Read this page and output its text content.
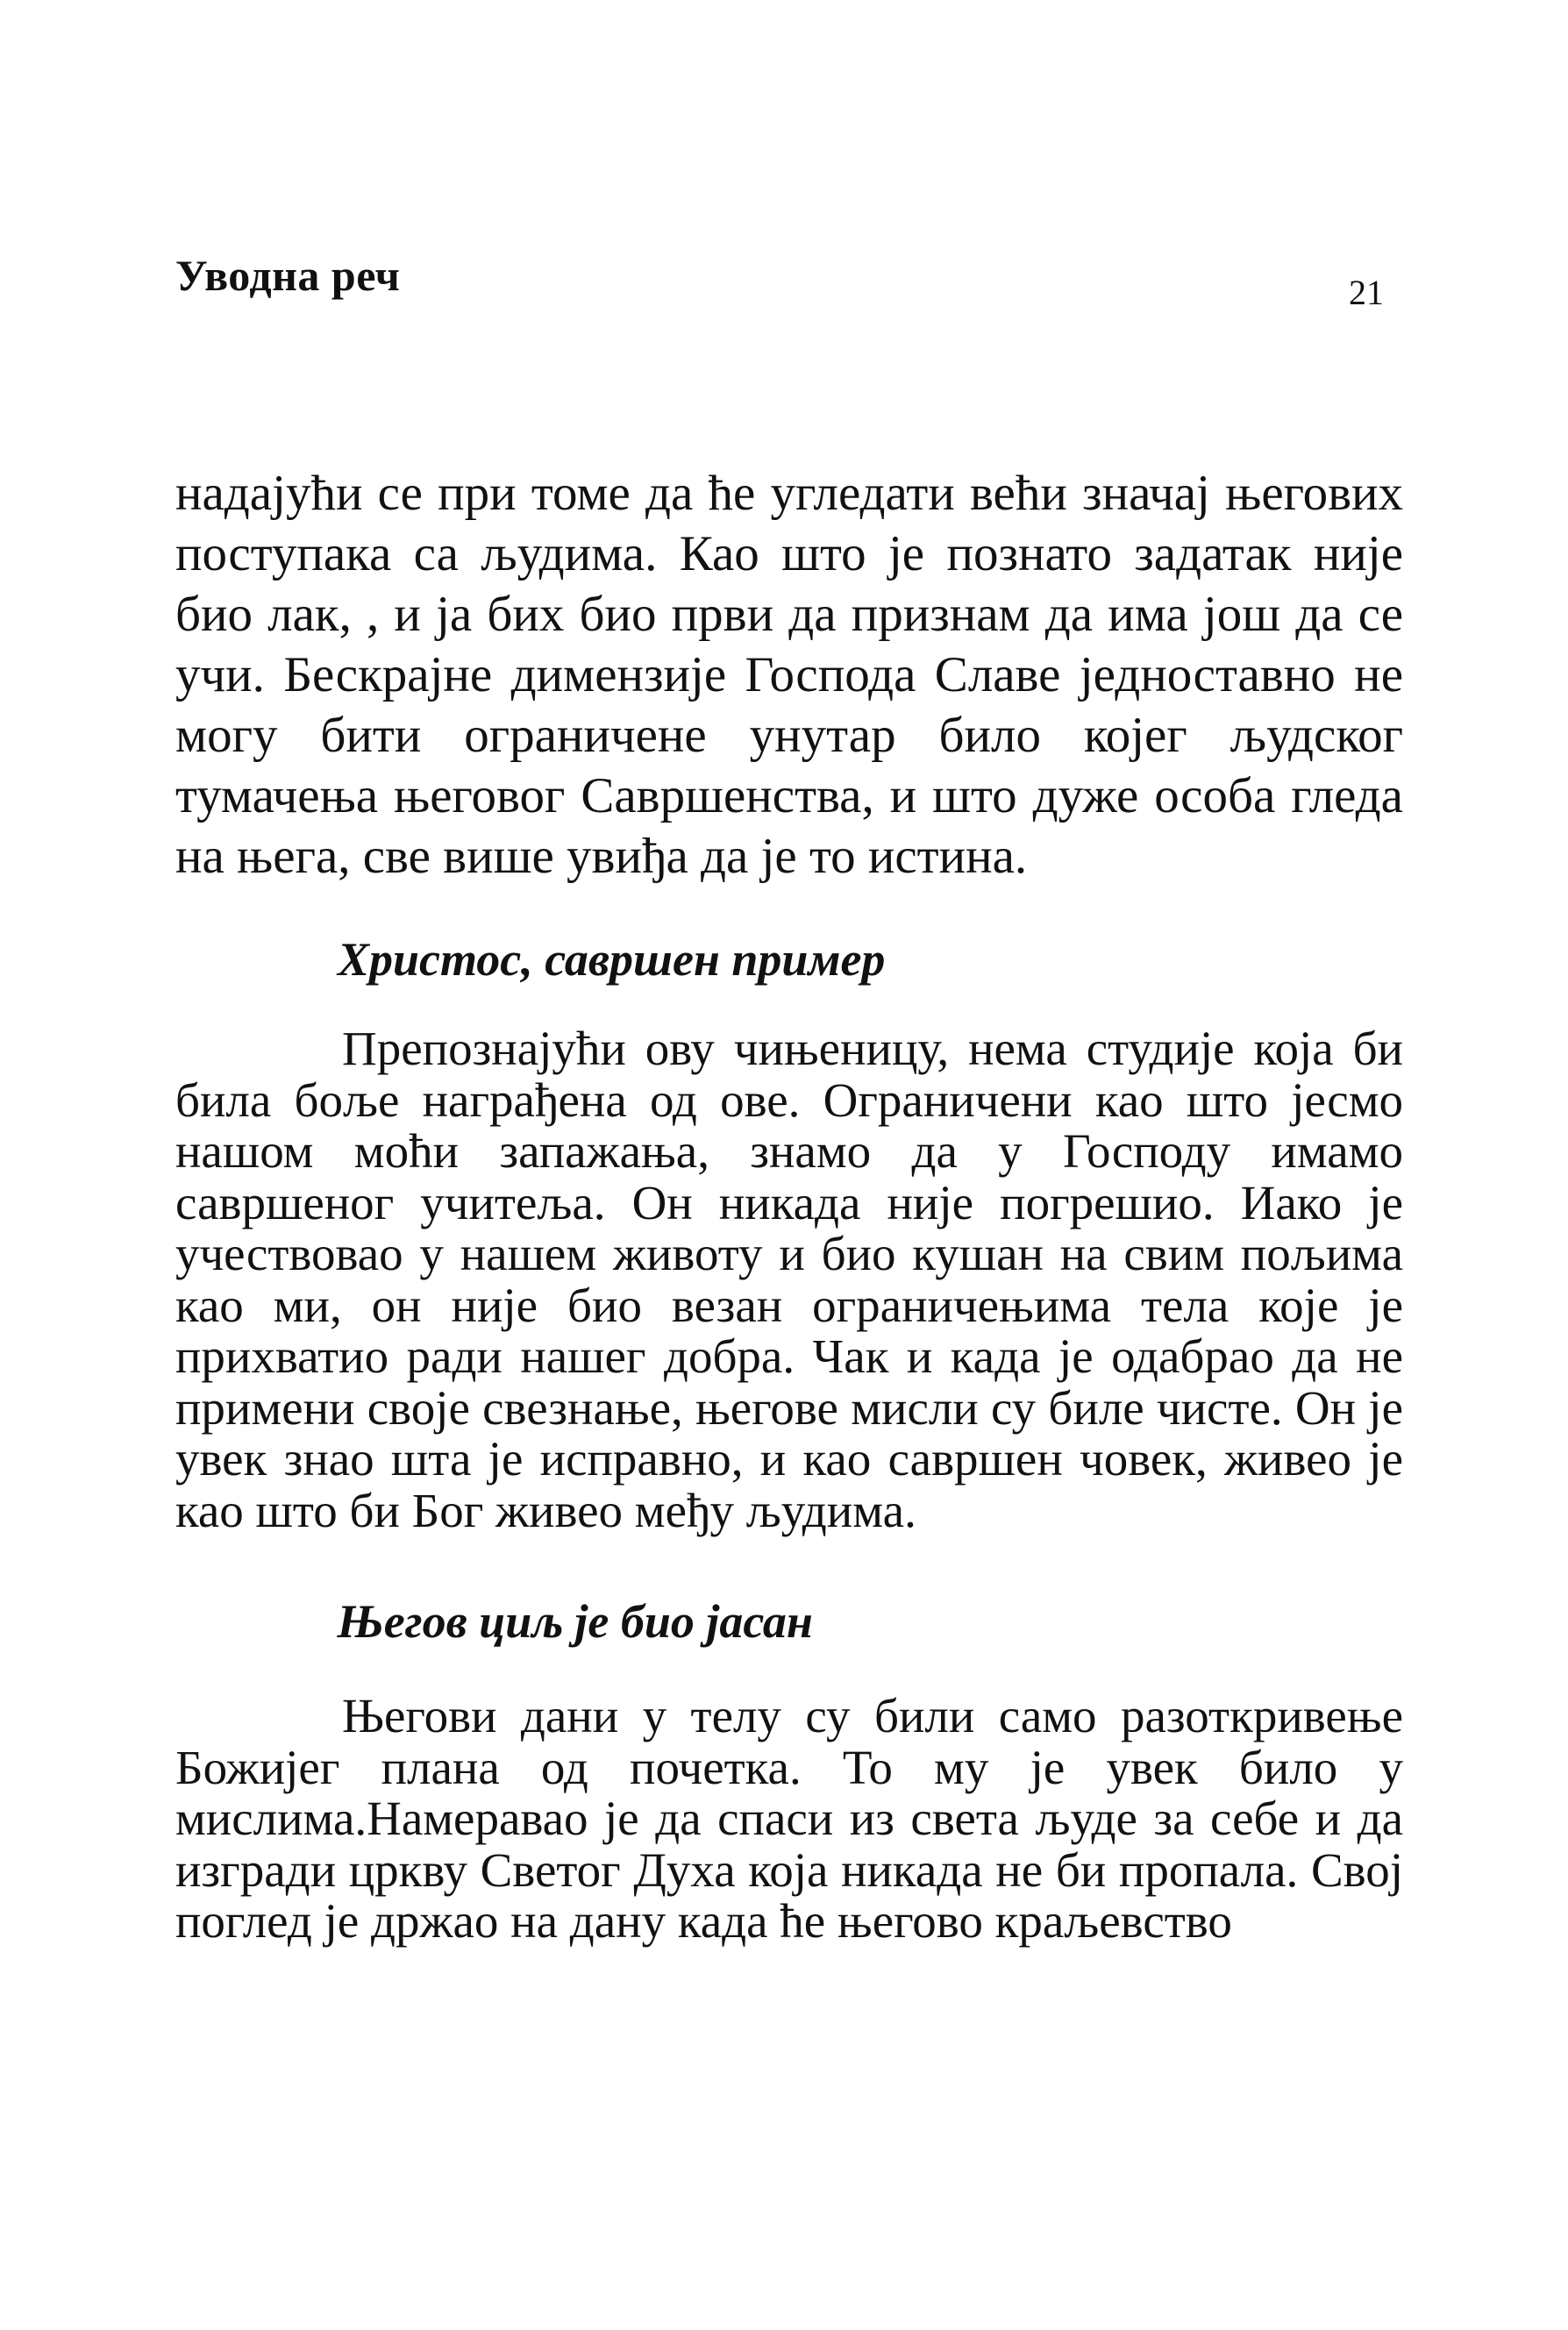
Уводна реч	21

надајући се при томе да ће угледати већи значај његових поступака са људима. Као што је познато задатак није био лак, , и ја бих био први да признам да има још да се учи. Бескрајне димензије Господа Славе једноставно не могу бити ограничене унутар било којег људског тумачења његовог Савршенства, и што дуже особа гледа на њега, све више увиђа да је то истина.

Христос, савршен пример

Препознајући ову чињеницу, нема студије која би била боље награђена од ове. Ограничени као што јесмо нашом моћи запажања, знамо да у Господу имамо савршеног учитеља. Он никада није погрешио. Иако је учествовао у нашем животу и био кушан на свим пољима као ми, он није био везан ограничењима тела које је прихватио ради нашег добра. Чак и када је одабрао да не примени своје свезнање, његове мисли су биле чисте. Он је увек знао шта је исправно, и као савршен човек, живео је као што би Бог живео међу људима.

Његов циљ је био јасан

Његови дани у телу су били само разоткривење Божијег плана од почетка. То му је увек било у мислима.Намеравао је да спаси из света људе за себе и да изгради цркву Светог Духа која никада не би пропала. Свој поглед је држао на дану када ће његово краљевство
